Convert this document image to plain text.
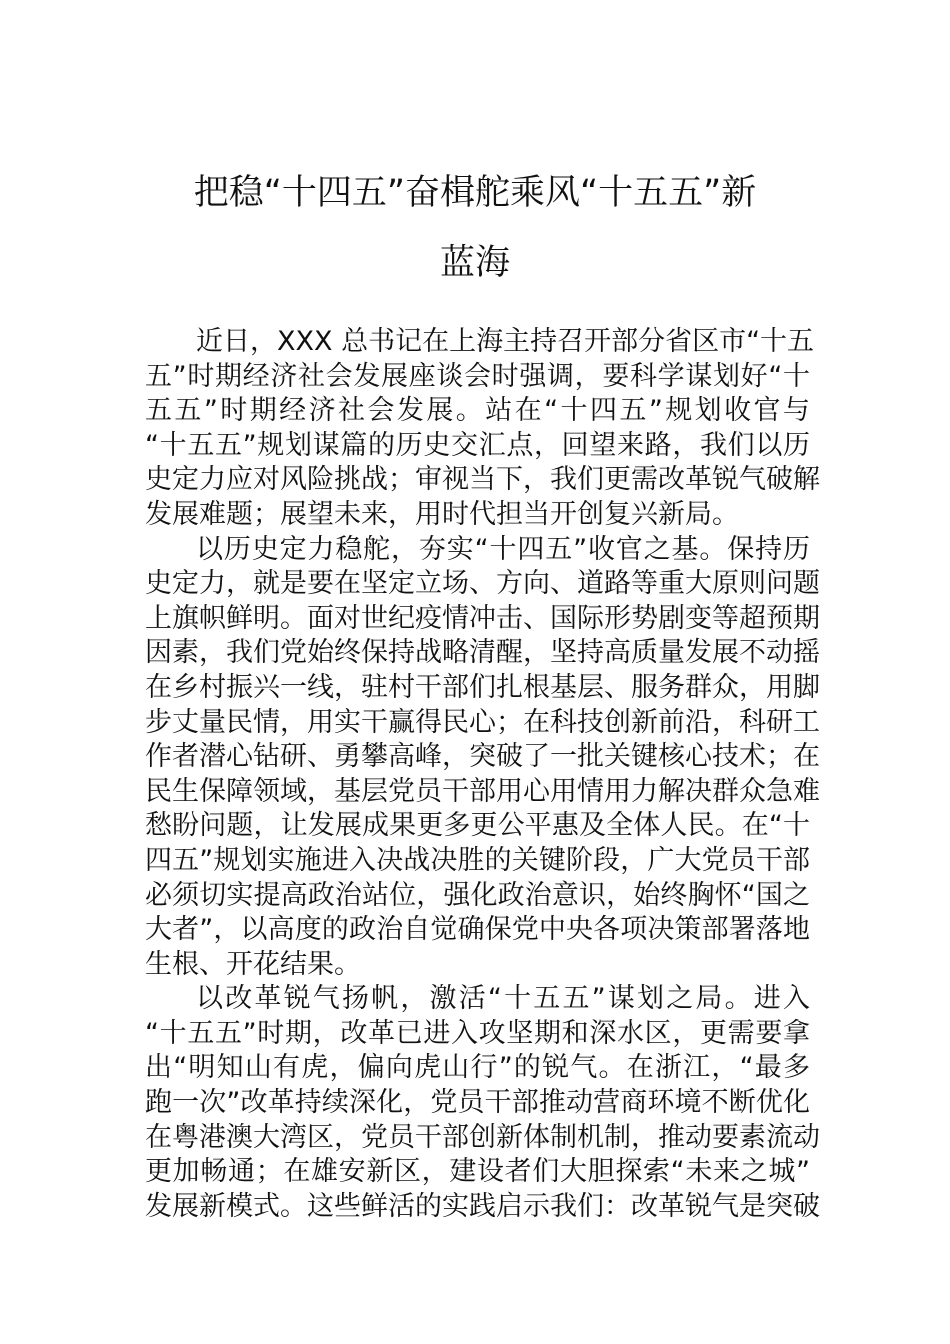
把稳“十四五”奋楫舵乘风“十五五”新
蓝海
近日，XXX 总书记在上海主持召开部分省区市“十五
五”时期经济社会发展座谈会时强调，要科学谋划好“十
五五”时期经济社会发展。站在“十四五”规划收官与
“十五五”规划谋篇的历史交汇点，回望来路，我们以历
史定力应对风险挑战；审视当下，我们更需改革锐气破解
发展难题；展望未来，用时代担当开创复兴新局。
以历史定力稳舵，夯实“十四五”收官之基。保持历
史定力，就是要在坚定立场、方向、道路等重大原则问题
上旗帜鲜明。面对世纪疫情冲击、国际形势剧变等超预期
因素，我们党始终保持战略清醒，坚持高质量发展不动摇
在乡村振兴一线，驻村干部们扎根基层、服务群众，用脚
步丈量民情，用实干赢得民心；在科技创新前沿，科研工
作者潜心钻研、勇攀高峰，突破了一批关键核心技术；在
民生保障领域，基层党员干部用心用情用力解决群众急难
愁盼问题，让发展成果更多更公平惠及全体人民。在“十
四五”规划实施进入决战决胜的关键阶段，广大党员干部
必须切实提高政治站位，强化政治意识，始终胸怀“国之
大者”，以高度的政治自觉确保党中央各项决策部署落地
生根、开花结果。
以改革锐气扬帆，激活“十五五”谋划之局。进入
“十五五”时期，改革已进入攻坚期和深水区，更需要拿
出“明知山有虎，偏向虎山行”的锐气。在浙江，“最多
跑一次”改革持续深化，党员干部推动营商环境不断优化
在粤港澳大湾区，党员干部创新体制机制，推动要素流动
更加畅通；在雄安新区，建设者们大胆探索“未来之城”
发展新模式。这些鲜活的实践启示我们：改革锐气是突破
